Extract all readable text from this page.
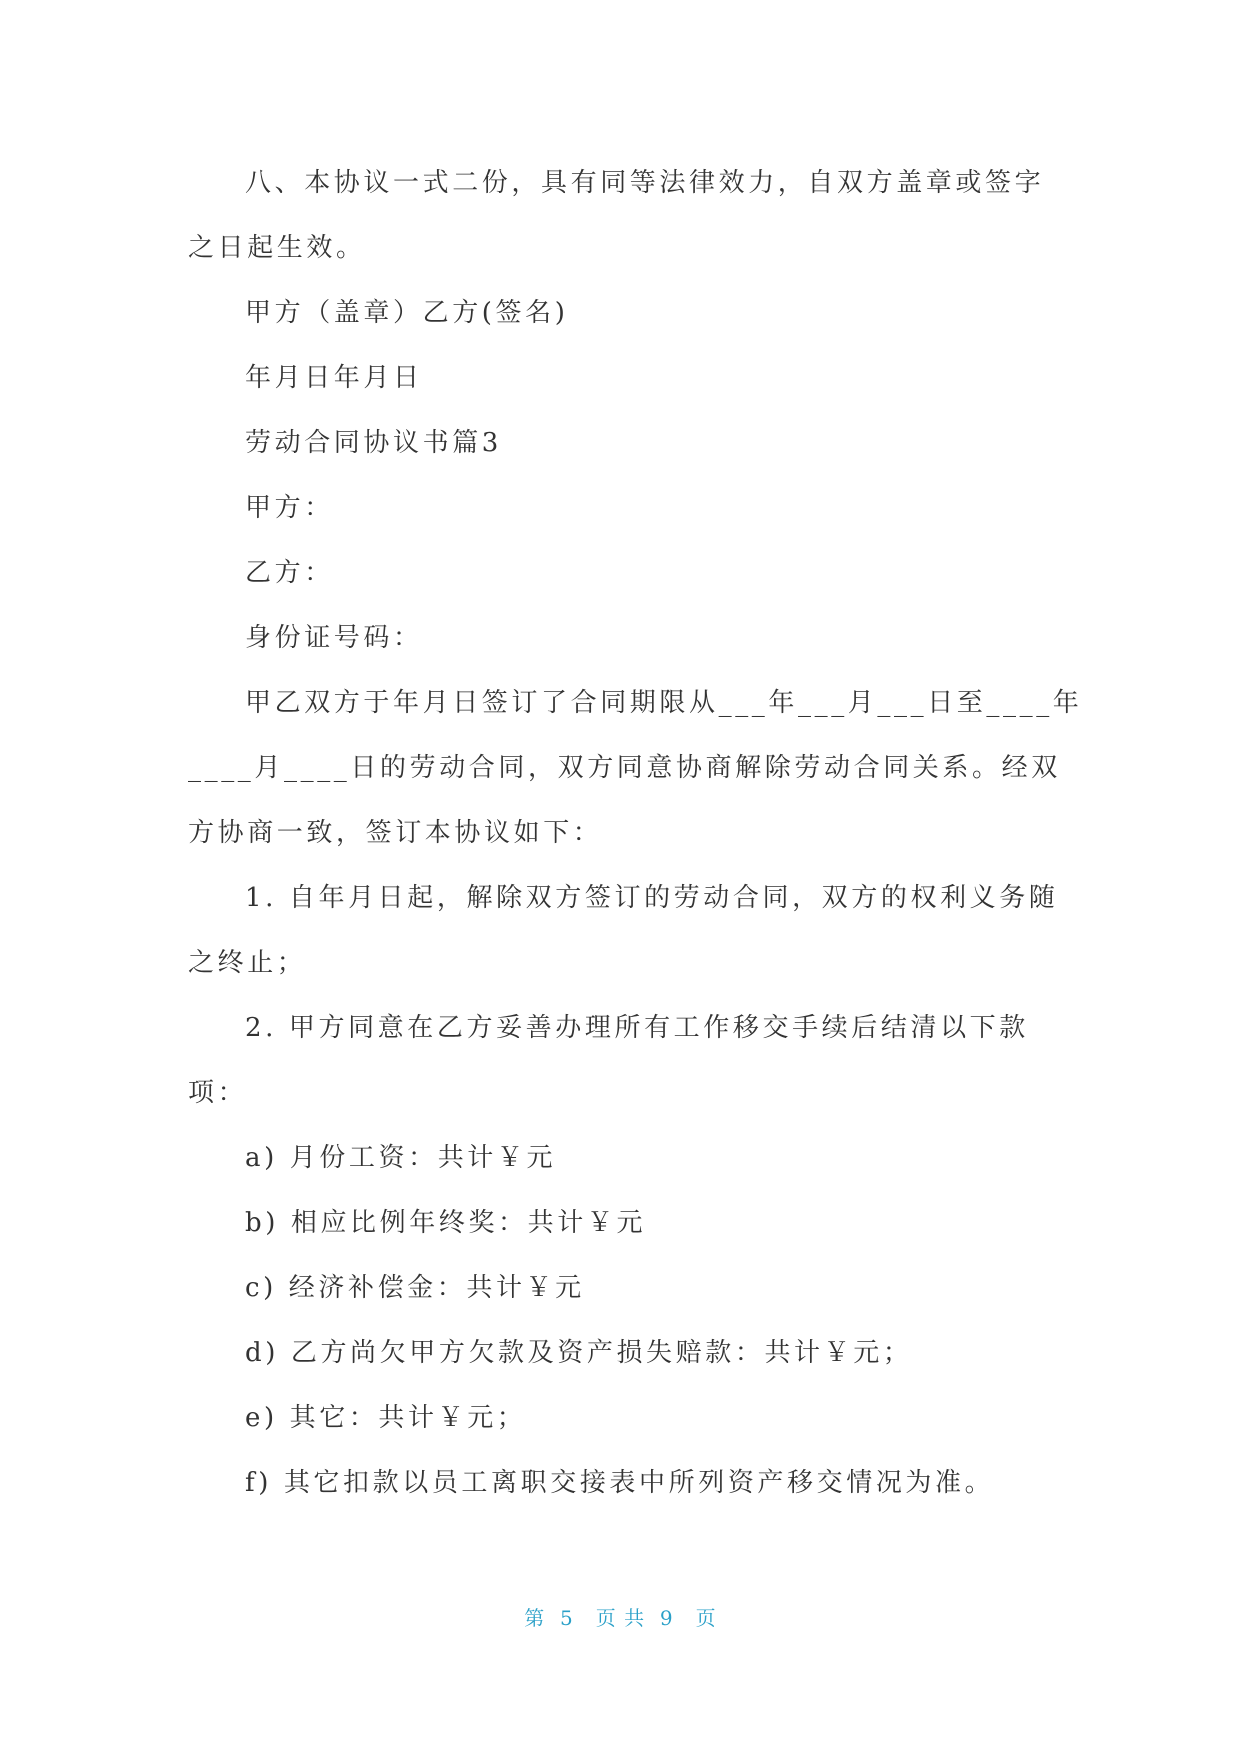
八、本协议一式二份，具有同等法律效力，自双方盖章或签字
之日起生效。
甲方（盖章）乙方(签名)
年月日年月日
劳动合同协议书篇3
甲方：
乙方：
身份证号码：
甲乙双方于年月日签订了合同期限从___年___月___日至____年
____月____日的劳动合同，双方同意协商解除劳动合同关系。经双
方协商一致，签订本协议如下：
1. 自年月日起，解除双方签订的劳动合同，双方的权利义务随
之终止；
2. 甲方同意在乙方妥善办理所有工作移交手续后结清以下款
项：
a) 月份工资：共计￥元
b) 相应比例年终奖：共计￥元
c) 经济补偿金：共计￥元
d) 乙方尚欠甲方欠款及资产损失赔款：共计￥元；
e) 其它：共计￥元；
f) 其它扣款以员工离职交接表中所列资产移交情况为准。
第  5   页 共  9   页
